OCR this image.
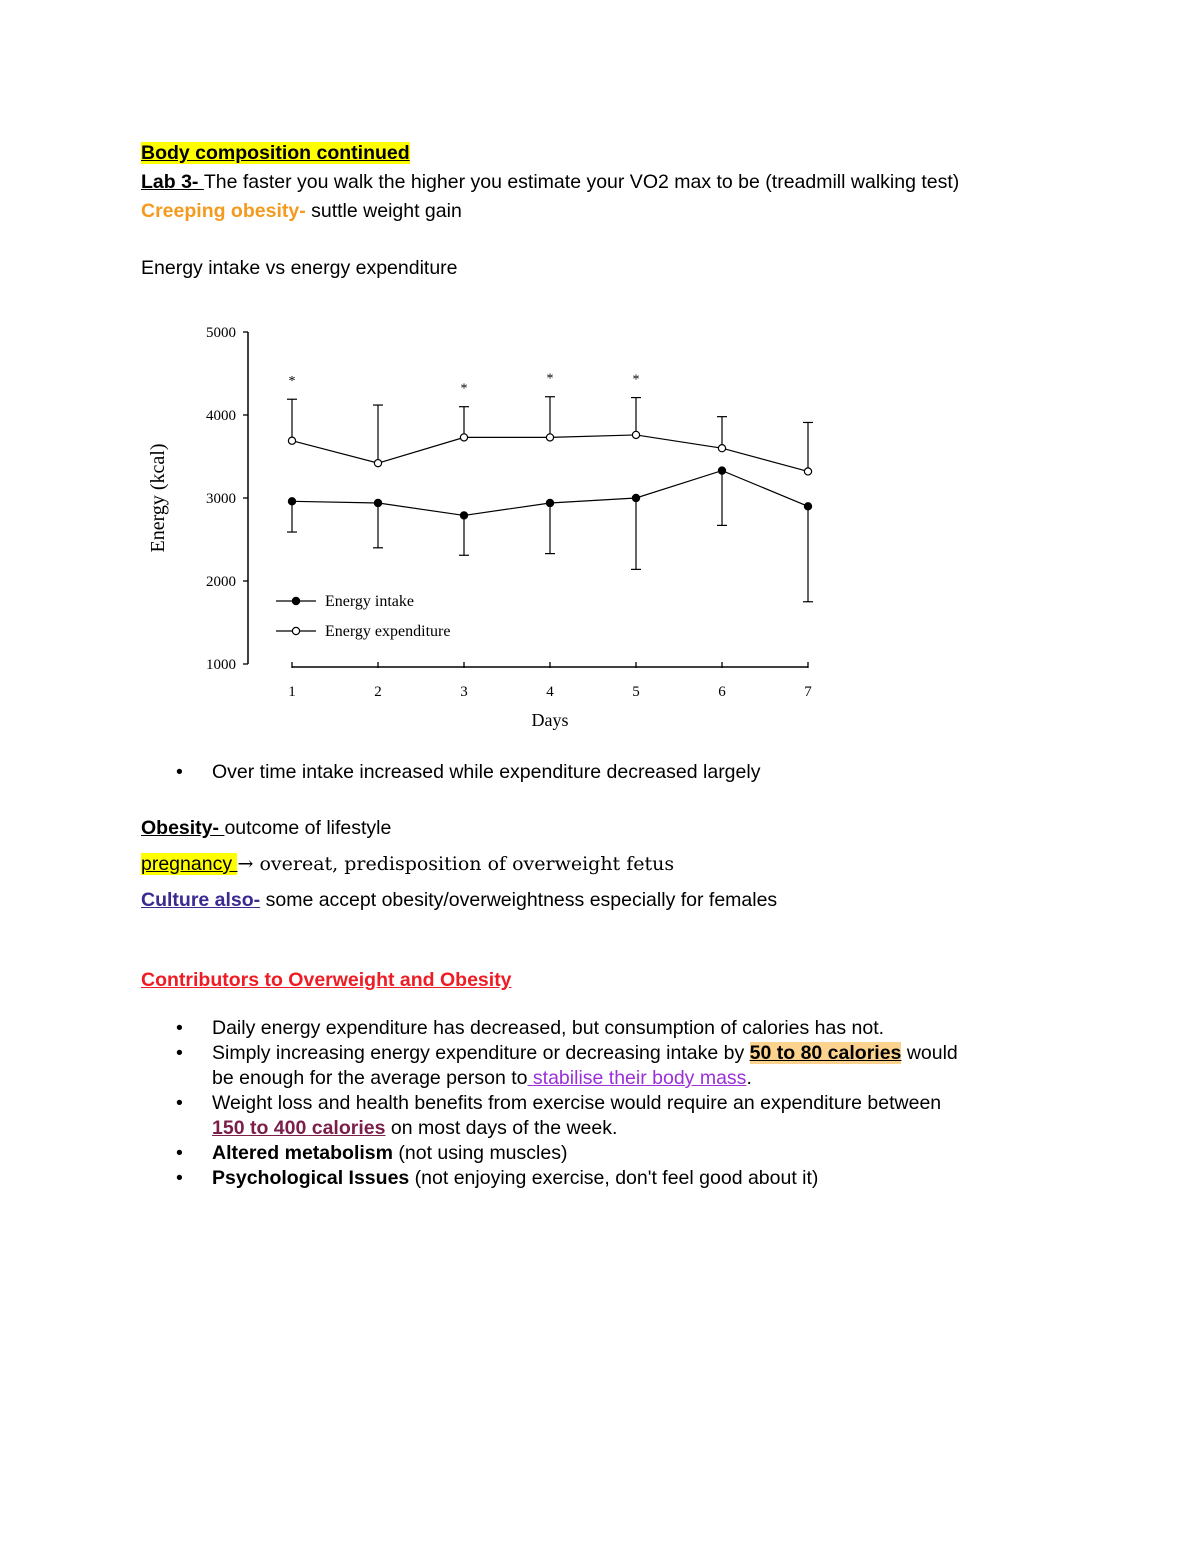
Body composition continued
Lab 3- The faster you walk the higher you estimate your VO2 max to be (treadmill walking test)
Creeping obesity- suttle weight gain
Energy intake vs energy expenditure
1000
2000
3000
4000
5000
Energy (kcal)
1	2	3	4	5	6	7
Days
*	*
*	*
Energy intake
Energy expenditure
• Over time intake increased while expenditure decreased largely
Obesity- outcome of lifestyle
pregnancy → overeat, predisposition of overweight fetus
Culture also- some accept obesity/overweightness especially for females
Contributors to Overweight and Obesity
• Daily energy expenditure has decreased, but consumption of calories has not.
• Simply increasing energy expenditure or decreasing intake by 50 to 80 calories would
be enough for the average person to stabilise their body mass.
• Weight loss and health benefits from exercise would require an expenditure between
150 to 400 calories on most days of the week.
• Altered metabolism (not using muscles)
• Psychological Issues (not enjoying exercise, don't feel good about it)
